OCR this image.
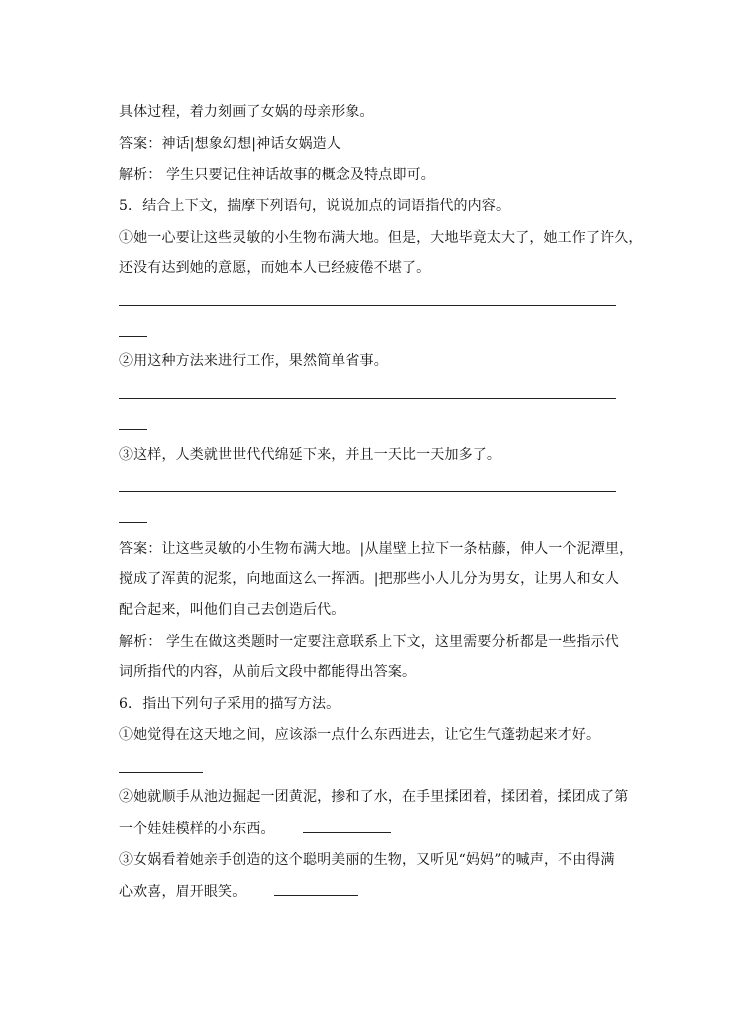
具体过程，着力刻画了女娲的母亲形象。
答案：神话|想象幻想|神话女娲造人
解析： 学生只要记住神话故事的概念及特点即可。
5．结合上下文，揣摩下列语句，说说加点的词语指代的内容。
①她一心要让这些灵敏的小生物布满大地。但是，大地毕竟太大了，她工作了许久，
还没有达到她的意愿，而她本人已经疲倦不堪了。
②用这种方法来进行工作，果然简单省事。
③这样，人类就世世代代绵延下来，并且一天比一天加多了。
答案：让这些灵敏的小生物布满大地。|从崖壁上拉下一条枯藤，伸人一个泥潭里，
搅成了浑黄的泥浆，向地面这么一挥洒。|把那些小人儿分为男女，让男人和女人
配合起来，叫他们自己去创造后代。
解析： 学生在做这类题时一定要注意联系上下文，这里需要分析都是一些指示代
词所指代的内容，从前后文段中都能得出答案。
6．指出下列句子采用的描写方法。
①她觉得在这天地之间，应该添一点什么东西进去，让它生气蓬勃起来才好。
②她就顺手从池边掘起一团黄泥，掺和了水，在手里揉团着，揉团着，揉团成了第
一个娃娃模样的小东西。
③女娲看着她亲手创造的这个聪明美丽的生物，又听见“妈妈”的喊声，不由得满
心欢喜，眉开眼笑。
